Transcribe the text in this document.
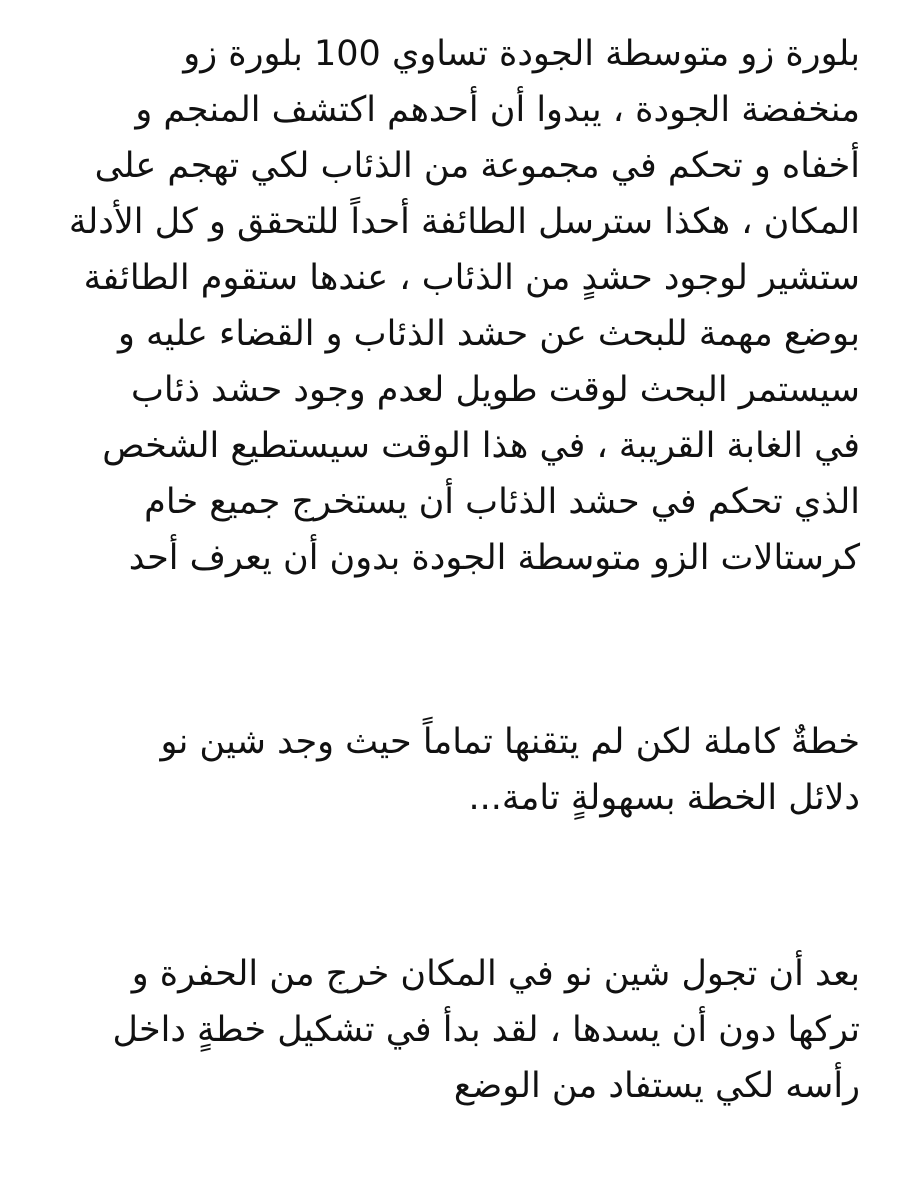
بلورة زو متوسطة الجودة تساوي 100 بلورة زو
منخفضة الجودة ، يبدوا أن أحدهم اكتشف المنجم و
أخفاه و تحكم في مجموعة من الذئاب لكي تهجم على
المكان ، هكذا سترسل الطائفة أحداً للتحقق و كل الأدلة
ستشير لوجود حشدٍ من الذئاب ، عندها ستقوم الطائفة
بوضع مهمة للبحث عن حشد الذئاب و القضاء عليه و
سيستمر البحث لوقت طويل لعدم وجود حشد ذئاب
في الغابة القريبة ، في هذا الوقت سيستطيع الشخص
الذي تحكم في حشد الذئاب أن يستخرج جميع خام
كرستالات الزو متوسطة الجودة بدون أن يعرف أحد

خطةٌ كاملة لكن لم يتقنها تماماً حيث وجد شين نو
دلائل الخطة بسهولةٍ تامة...

بعد أن تجول شين نو في المكان خرج من الحفرة و
تركها دون أن يسدها ، لقد بدأ في تشكيل خطةٍ داخل
رأسه لكي يستفاد من الوضع
